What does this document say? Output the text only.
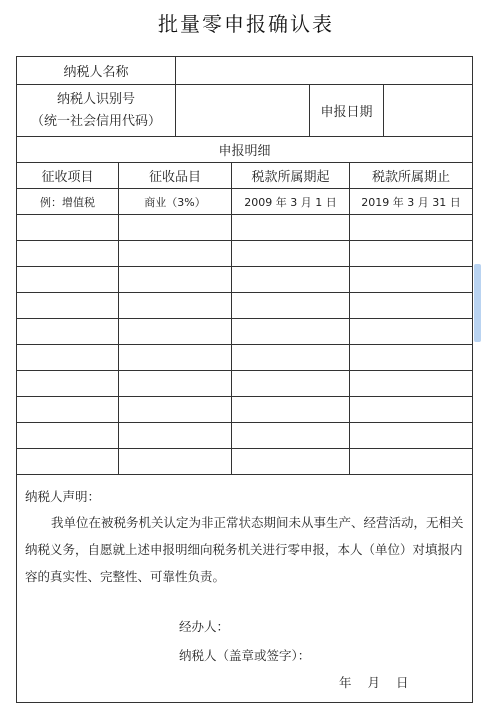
批量零申报确认表
纳税人名称
纳税人识别号
（统一社会信用代码）
申报日期
申报明细
征收项目	征收品目	税款所属期起	税款所属期止
例：增值税	商业（3%）	2009 年 3 月 1 日	2019 年 3 月 31 日
纳税人声明：
我单位在被税务机关认定为非正常状态期间未从事生产、经营活动，无相关纳税义务，自愿就上述申报明细向税务机关进行零申报，本人（单位）对填报内容的真实性、完整性、可靠性负责。
经办人：
纳税人（盖章或签字）：
年 月 日
